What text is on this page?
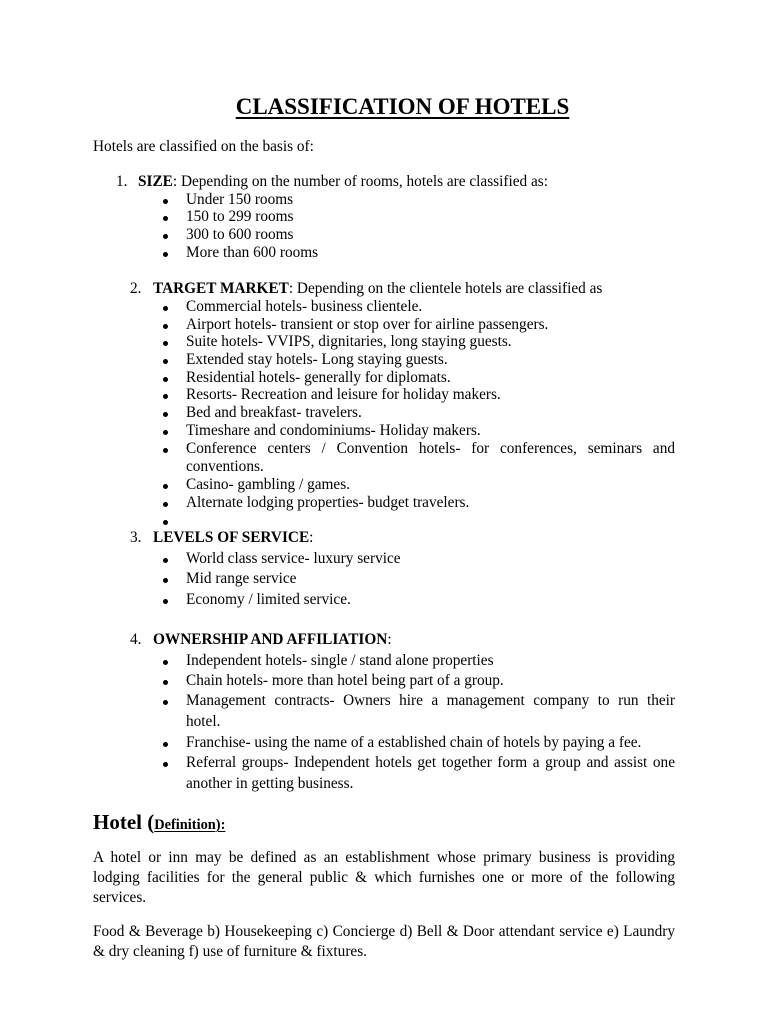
CLASSIFICATION OF HOTELS
Hotels are classified on the basis of:
1. SIZE: Depending on the number of rooms, hotels are classified as:
Under 150 rooms
150 to 299 rooms
300 to 600 rooms
More than 600 rooms
2. TARGET MARKET: Depending on the clientele hotels are classified as
Commercial hotels- business clientele.
Airport hotels- transient or stop over for airline passengers.
Suite hotels- VVIPS, dignitaries, long staying guests.
Extended stay hotels- Long staying guests.
Residential hotels- generally for diplomats.
Resorts- Recreation and leisure for holiday makers.
Bed and breakfast- travelers.
Timeshare and condominiums- Holiday makers.
Conference centers / Convention hotels- for conferences, seminars and
conventions.
Casino- gambling / games.
Alternate lodging properties- budget travelers.
3. LEVELS OF SERVICE:
World class service- luxury service
Mid range service
Economy / limited service.
4. OWNERSHIP AND AFFILIATION:
Independent hotels- single / stand alone properties
Chain hotels- more than hotel being part of a group.
Management contracts- Owners hire a management company to run their
hotel.
Franchise- using the name of a established chain of hotels by paying a fee.
Referral groups- Independent hotels get together form a group and assist one
another in getting business.
Hotel (Definition):
A hotel or inn may be defined as an establishment whose primary business is providing
lodging facilities for the general public & which furnishes one or more of the following
services.
Food & Beverage b) Housekeeping c) Concierge d) Bell & Door attendant service e) Laundry
& dry cleaning f) use of furniture & fixtures.
